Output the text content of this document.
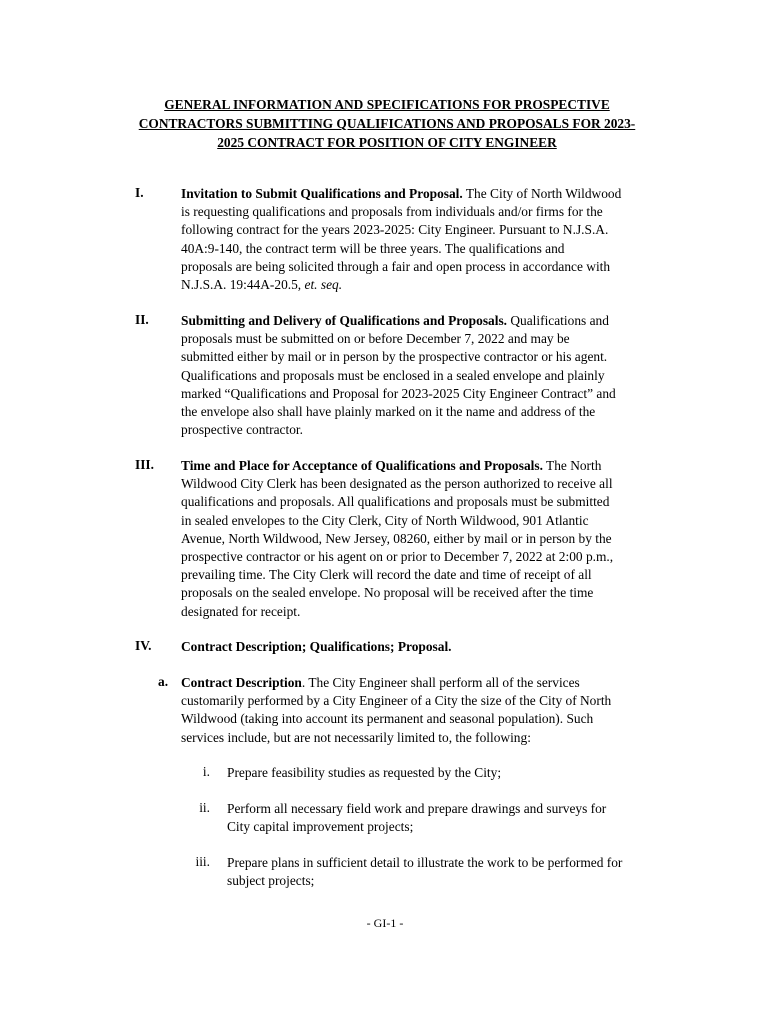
GENERAL INFORMATION AND SPECIFICATIONS FOR PROSPECTIVE
CONTRACTORS SUBMITTING QUALIFICATIONS AND PROPOSALS FOR 2023-
2025 CONTRACT FOR POSITION OF CITY ENGINEER
I.	Invitation to Submit Qualifications and Proposal. The City of North Wildwood
is requesting qualifications and proposals from individuals and/or firms for the
following contract for the years 2023-2025: City Engineer. Pursuant to N.J.S.A.
40A:9-140, the contract term will be three years. The qualifications and
proposals are being solicited through a fair and open process in accordance with
N.J.S.A. 19:44A-20.5, et. seq.
II.	Submitting and Delivery of Qualifications and Proposals. Qualifications and
proposals must be submitted on or before December 7, 2022 and may be
submitted either by mail or in person by the prospective contractor or his agent.
Qualifications and proposals must be enclosed in a sealed envelope and plainly
marked “Qualifications and Proposal for 2023-2025 City Engineer Contract” and
the envelope also shall have plainly marked on it the name and address of the
prospective contractor.
III.	Time and Place for Acceptance of Qualifications and Proposals. The North
Wildwood City Clerk has been designated as the person authorized to receive all
qualifications and proposals. All qualifications and proposals must be submitted
in sealed envelopes to the City Clerk, City of North Wildwood, 901 Atlantic
Avenue, North Wildwood, New Jersey, 08260, either by mail or in person by the
prospective contractor or his agent on or prior to December 7, 2022 at 2:00 p.m.,
prevailing time. The City Clerk will record the date and time of receipt of all
proposals on the sealed envelope. No proposal will be received after the time
designated for receipt.
IV.	Contract Description; Qualifications; Proposal.
a. Contract Description. The City Engineer shall perform all of the services
customarily performed by a City Engineer of a City the size of the City of North
Wildwood (taking into account its permanent and seasonal population). Such
services include, but are not necessarily limited to, the following:
i. Prepare feasibility studies as requested by the City;
ii. Perform all necessary field work and prepare drawings and surveys for
City capital improvement projects;
iii. Prepare plans in sufficient detail to illustrate the work to be performed for
subject projects;
- GI-1 -
